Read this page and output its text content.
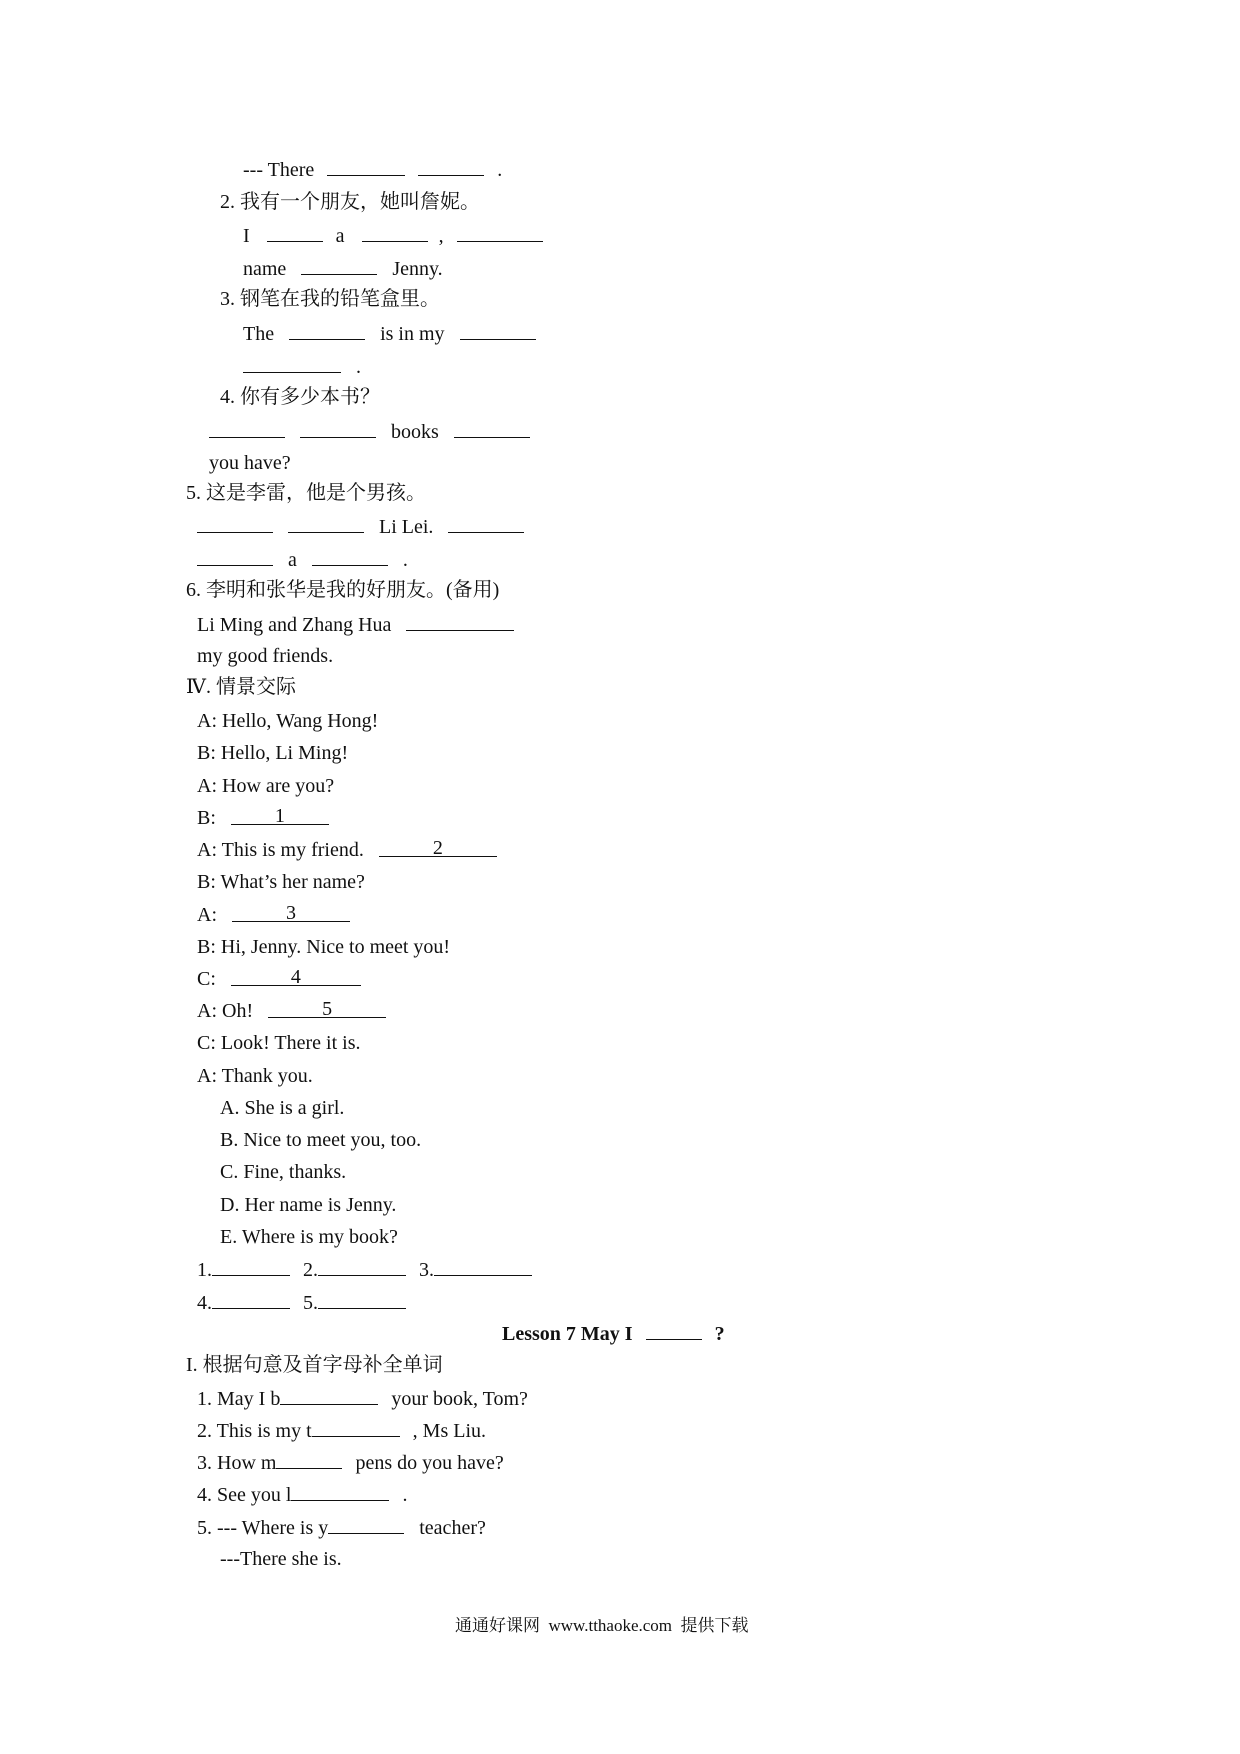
--- There	.
2. 我有一个朋友，她叫詹妮。
I	a	,
name	Jenny.
3. 钢笔在我的铅笔盒里。
The	is in my
.
4. 你有多少本书？
books
you have?
5. 这是李雷，他是个男孩。
Li Lei.
a	.
6. 李明和张华是我的好朋友。(备用)
Li Ming and Zhang Hua
my good friends.
Ⅳ. 情景交际
A: Hello, Wang Hong!
B: Hello, Li Ming!
A: How are you?
B:	1
A: This is my friend.	2
B: What’s her name?
A:	3
B: Hi, Jenny. Nice to meet you!
C:	4
A: Oh!	5
C: Look! There it is.
A: Thank you.
A. She is a girl.
B. Nice to meet you, too.
C. Fine, thanks.
D. Her name is Jenny.
E. Where is my book?
1.	2.	3.
4.	5.
Lesson 7 May I	?
I. 根据句意及首字母补全单词
1. May I b	your book, Tom?
2. This is my t	, Ms Liu.
3. How m	pens do you have?
4. See you l	.
5. --- Where is y	teacher?
---There she is.
通通好课网  www.tthaoke.com  提供下载
